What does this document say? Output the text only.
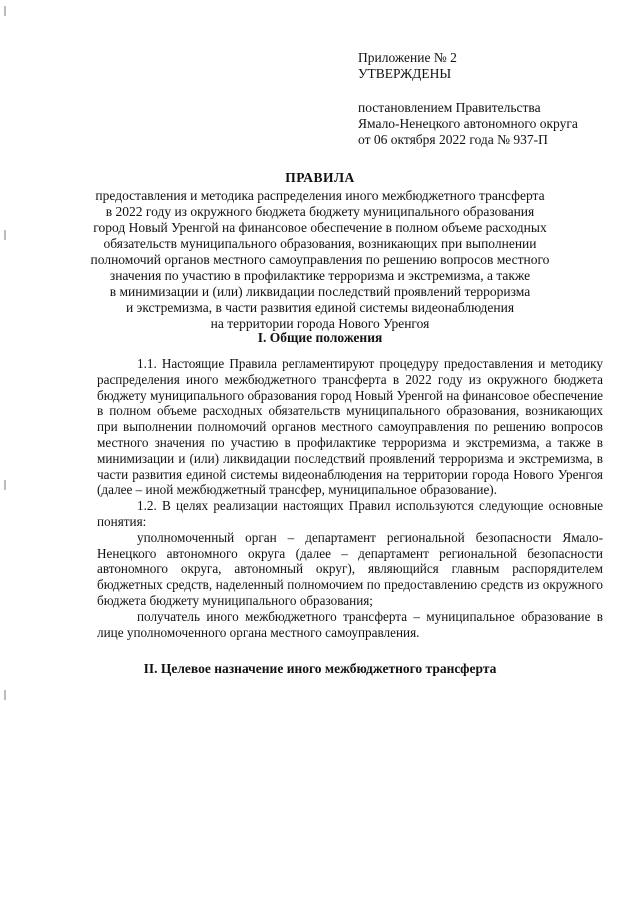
Приложение № 2
УТВЕРЖДЕНЫ
постановлением Правительства
Ямало-Ненецкого автономного округа
от 06 октября 2022 года № 937-П
ПРАВИЛА
предоставления и методика распределения иного межбюджетного трансферта
в 2022 году из окружного бюджета бюджету муниципального образования
город Новый Уренгой на финансовое обеспечение в полном объеме расходных
обязательств муниципального образования, возникающих при выполнении
полномочий органов местного самоуправления по решению вопросов местного
значения по участию в профилактике терроризма и экстремизма, а также
в минимизации и (или) ликвидации последствий проявлений терроризма
и экстремизма, в части развития единой системы видеонаблюдения
на территории города Нового Уренгоя
I. Общие положения

1.1. Настоящие Правила регламентируют процедуру предоставления и методику распределения иного межбюджетного трансферта в 2022 году из окружного бюджета бюджету муниципального образования город Новый Уренгой на финансовое обеспечение в полном объеме расходных обязательств муниципального образования, возникающих при выполнении полномочий органов местного самоуправления по решению вопросов местного значения по участию в профилактике терроризма и экстремизма, а также в минимизации и (или) ликвидации последствий проявлений терроризма и экстремизма, в части развития единой системы видеонаблюдения на территории города Нового Уренгоя (далее – иной межбюджетный трансфер, муниципальное образование).

1.2. В целях реализации настоящих Правил используются следующие основные понятия:

уполномоченный орган – департамент региональной безопасности Ямало-Ненецкого автономного округа (далее – департамент региональной безопасности автономного округа, автономный округ), являющийся главным распорядителем бюджетных средств, наделенный полномочием по предоставлению средств из окружного бюджета бюджету муниципального образования;

получатель иного межбюджетного трансферта – муниципальное образование в лице уполномоченного органа местного самоуправления.

II. Целевое назначение иного межбюджетного трансферта
